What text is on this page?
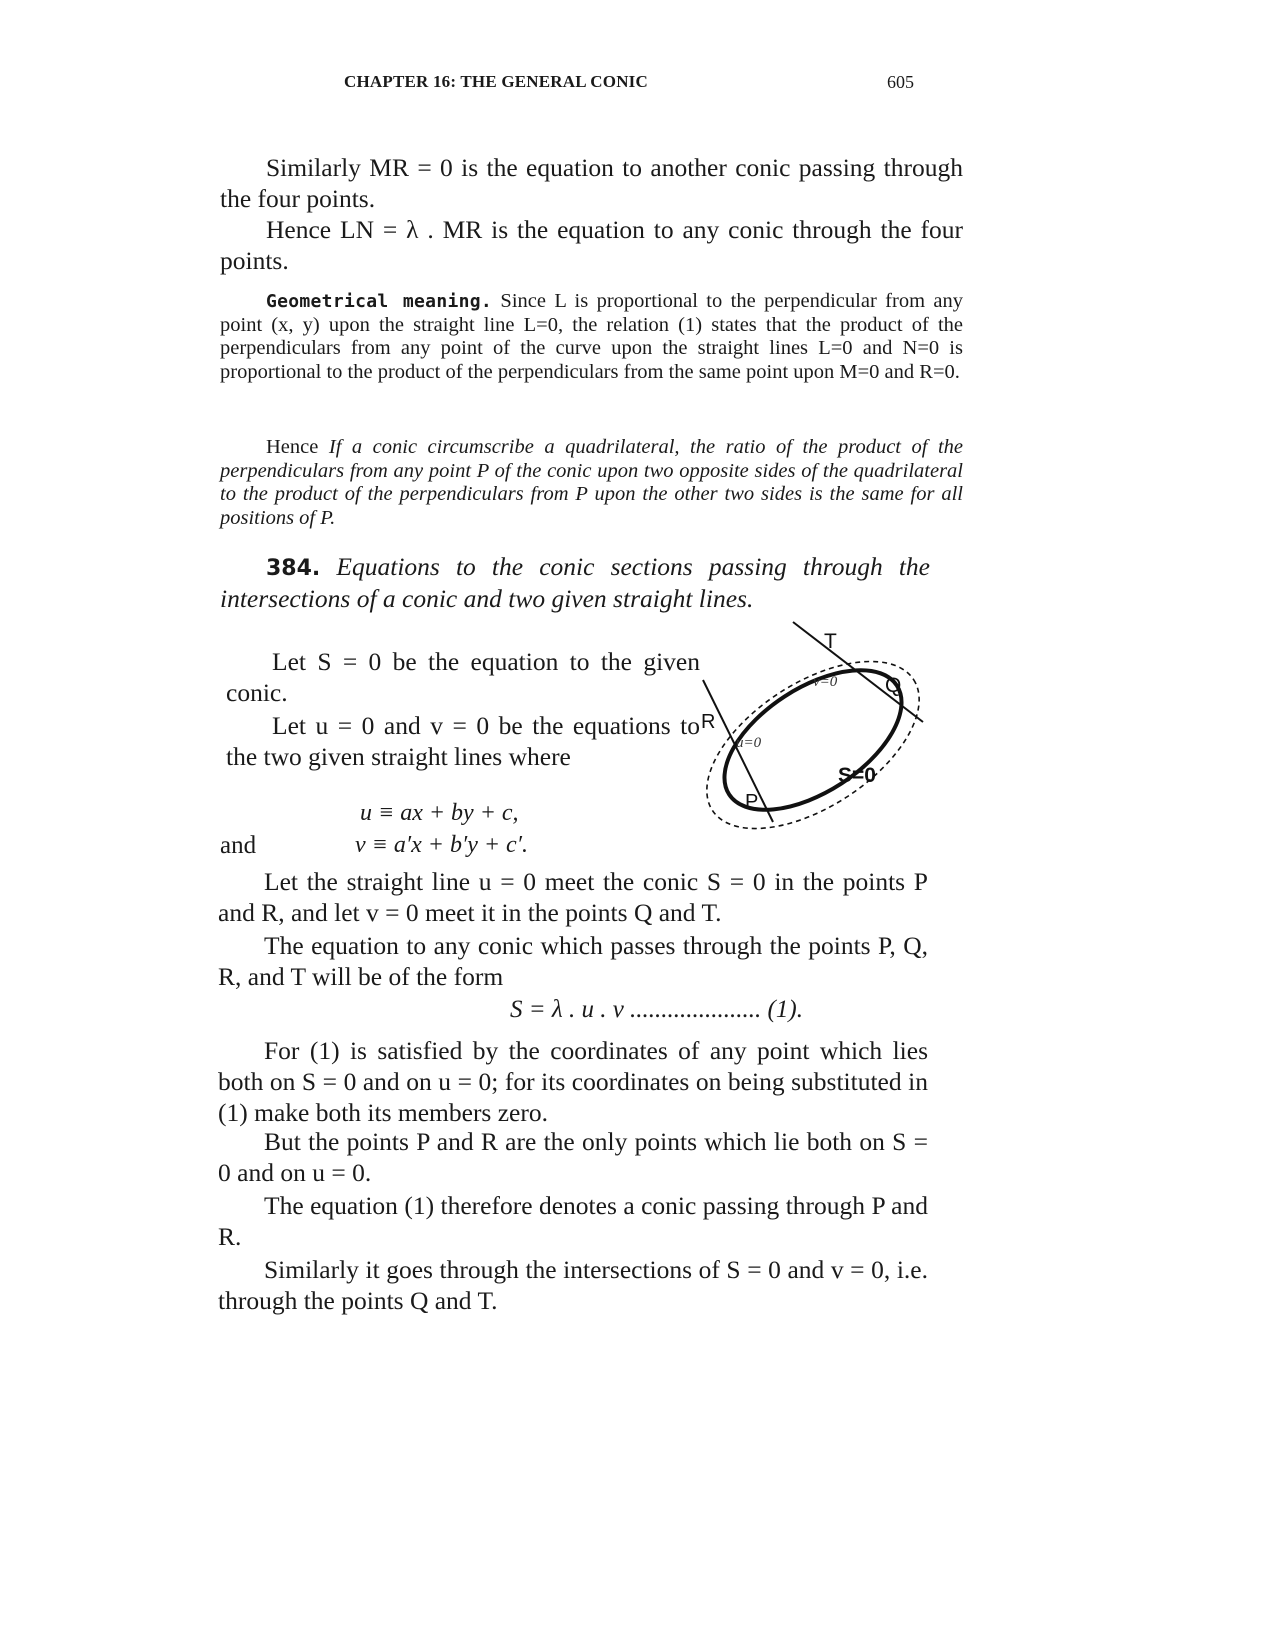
CHAPTER 16: THE GENERAL CONIC	605

Similarly MR = 0 is the equation to another conic passing through the four points.

Hence LN = λ . MR is the equation to any conic through the four points.

Geometrical meaning. Since L is proportional to the perpendicular from any point (x, y) upon the straight line L=0, the relation (1) states that the product of the perpendiculars from any point of the curve upon the straight lines L=0 and N=0 is proportional to the product of the perpendiculars from the same point upon M=0 and R=0.

Hence If a conic circumscribe a quadrilateral, the ratio of the product of the perpendiculars from any point P of the conic upon two opposite sides of the quadrilateral to the product of the perpendiculars from P upon the other two sides is the same for all positions of P.

384. Equations to the conic sections passing through the intersections of a conic and two given straight lines.

Let S = 0 be the equation to the given conic.

Let u = 0 and v = 0 be the equations to the two given straight lines where

u ≡ ax + by + c,
and	v ≡ a′x + b′y + c′.
T
Q
R
P
S=0
u=0
v=0

Let the straight line u = 0 meet the conic S = 0 in the points P and R, and let v = 0 meet it in the points Q and T.

The equation to any conic which passes through the points P, Q, R, and T will be of the form

S = λ . u . v ..................... (1).

For (1) is satisfied by the coordinates of any point which lies both on S = 0 and on u = 0; for its coordinates on being substituted in (1) make both its members zero.

But the points P and R are the only points which lie both on S = 0 and on u = 0.

The equation (1) therefore denotes a conic passing through P and R.

Similarly it goes through the intersections of S = 0 and v = 0, i.e. through the points Q and T.
